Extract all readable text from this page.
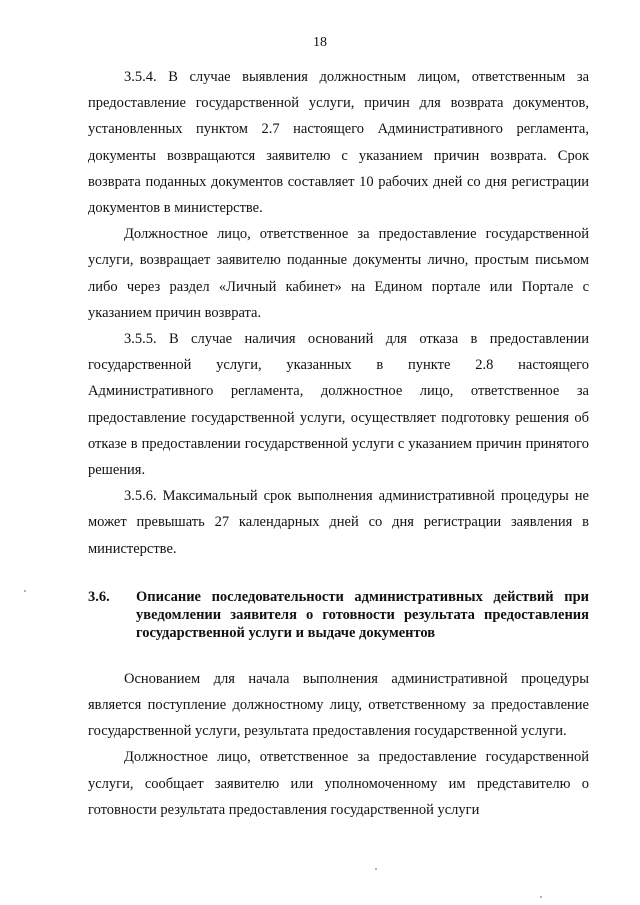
18

3.5.4. В случае выявления должностным лицом, ответственным за предоставление государственной услуги, причин для возврата документов, установленных пунктом 2.7 настоящего Административного регламента, документы возвращаются заявителю с указанием причин возврата. Срок возврата поданных документов составляет 10 рабочих дней со дня регистрации документов в министерстве.

Должностное лицо, ответственное за предоставление государственной услуги, возвращает заявителю поданные документы лично, простым письмом либо через раздел «Личный кабинет» на Едином портале или Портале с указанием причин возврата.

3.5.5. В случае наличия оснований для отказа в предоставлении государственной услуги, указанных в пункте 2.8 настоящего Административного регламента, должностное лицо, ответственное за предоставление государственной услуги, осуществляет подготовку решения об отказе в предоставлении государственной услуги с указанием причин принятого решения.

3.5.6. Максимальный срок выполнения административной процедуры не может превышать 27 календарных дней со дня регистрации заявления в министерстве.

3.6.	Описание последовательности административных действий при уведомлении заявителя о готовности результата предоставления государственной услуги и выдаче документов

Основанием для начала выполнения административной процедуры является поступление должностному лицу, ответственному за предоставление государственной услуги, результата предоставления государственной услуги.

Должностное лицо, ответственное за предоставление государственной услуги, сообщает заявителю или уполномоченному им представителю о готовности результата предоставления государственной услуги
